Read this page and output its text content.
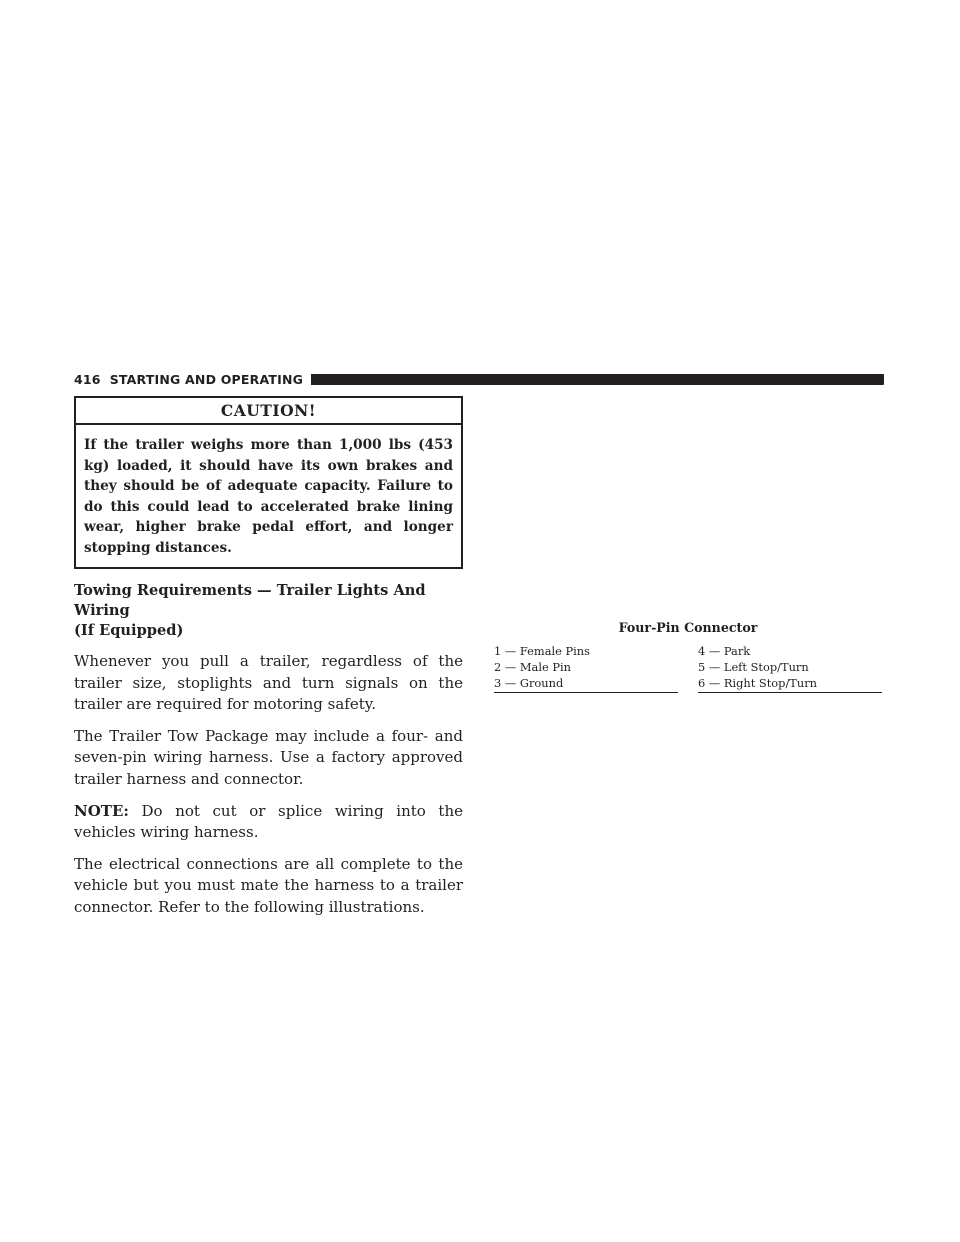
416 STARTING AND OPERATING
CAUTION!
If the trailer weighs more than 1,000 lbs (453 kg) loaded, it should have its own brakes and they should be of adequate capacity. Failure to do this could lead to accelerated brake lining wear, higher brake pedal effort, and longer stopping distances.
Towing Requirements — Trailer Lights And Wiring
(If Equipped)
Whenever you pull a trailer, regardless of the trailer size, stoplights and turn signals on the trailer are required for motoring safety.
The Trailer Tow Package may include a four- and seven-pin wiring harness. Use a factory approved trailer harness and connector.
NOTE: Do not cut or splice wiring into the vehicles wiring harness.
The electrical connections are all complete to the vehicle but you must mate the harness to a trailer connector. Refer to the following illustrations.
Four-Pin Connector
1 — Female Pins
2 — Male Pin
3 — Ground
4 — Park
5 — Left Stop/Turn
6 — Right Stop/Turn
